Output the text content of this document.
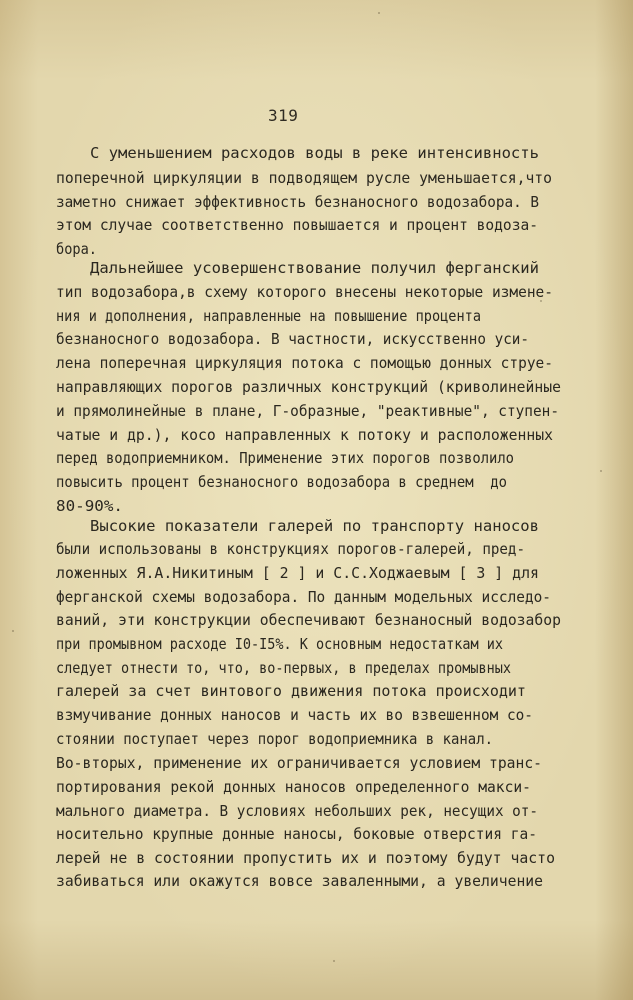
319
С уменьшением расходов воды в реке интенсивность
поперечной циркуляции в подводящем русле уменьшается,что
заметно снижает эффективность безнаносного водозабора. В
этом случае соответственно повышается и процент водоза-
бора.
Дальнейшее усовершенствование получил ферганский
тип водозабора,в схему которого внесены некоторые измене-
ния и дополнения, направленные на повышение процента
безнаносного водозабора. В частности, искусственно уси-
лена поперечная циркуляция потока с помощью донных струе-
направляющих порогов различных конструкций (криволинейные
и прямолинейные в плане, Г-образные, "реактивные", ступен-
чатые и др.), косо направленных к потоку и расположенных
перед водоприемником. Применение этих порогов позволило
повысить процент безнаносного водозабора в среднем  до
80-90%.
Высокие показатели галерей по транспорту наносов
были использованы в конструкциях порогов-галерей, пред-
ложенных Я.А.Никитиным [ 2 ] и С.С.Ходжаевым [ 3 ] для
ферганской схемы водозабора. По данным модельных исследо-
ваний, эти конструкции обеспечивают безнаносный водозабор
при промывном расходе I0-I5%. К основным недостаткам их
следует отнести то, что, во-первых, в пределах промывных
галерей за счет винтового движения потока происходит
взмучивание донных наносов и часть их во взвешенном со-
стоянии поступает через порог водоприемника в канал.
Во-вторых, применение их ограничивается условием транс-
портирования рекой донных наносов определенного макси-
мального диаметра. В условиях небольших рек, несущих от-
носительно крупные донные наносы, боковые отверстия га-
лерей не в состоянии пропустить их и поэтому будут часто
забиваться или окажутся вовсе заваленными, а увеличение
